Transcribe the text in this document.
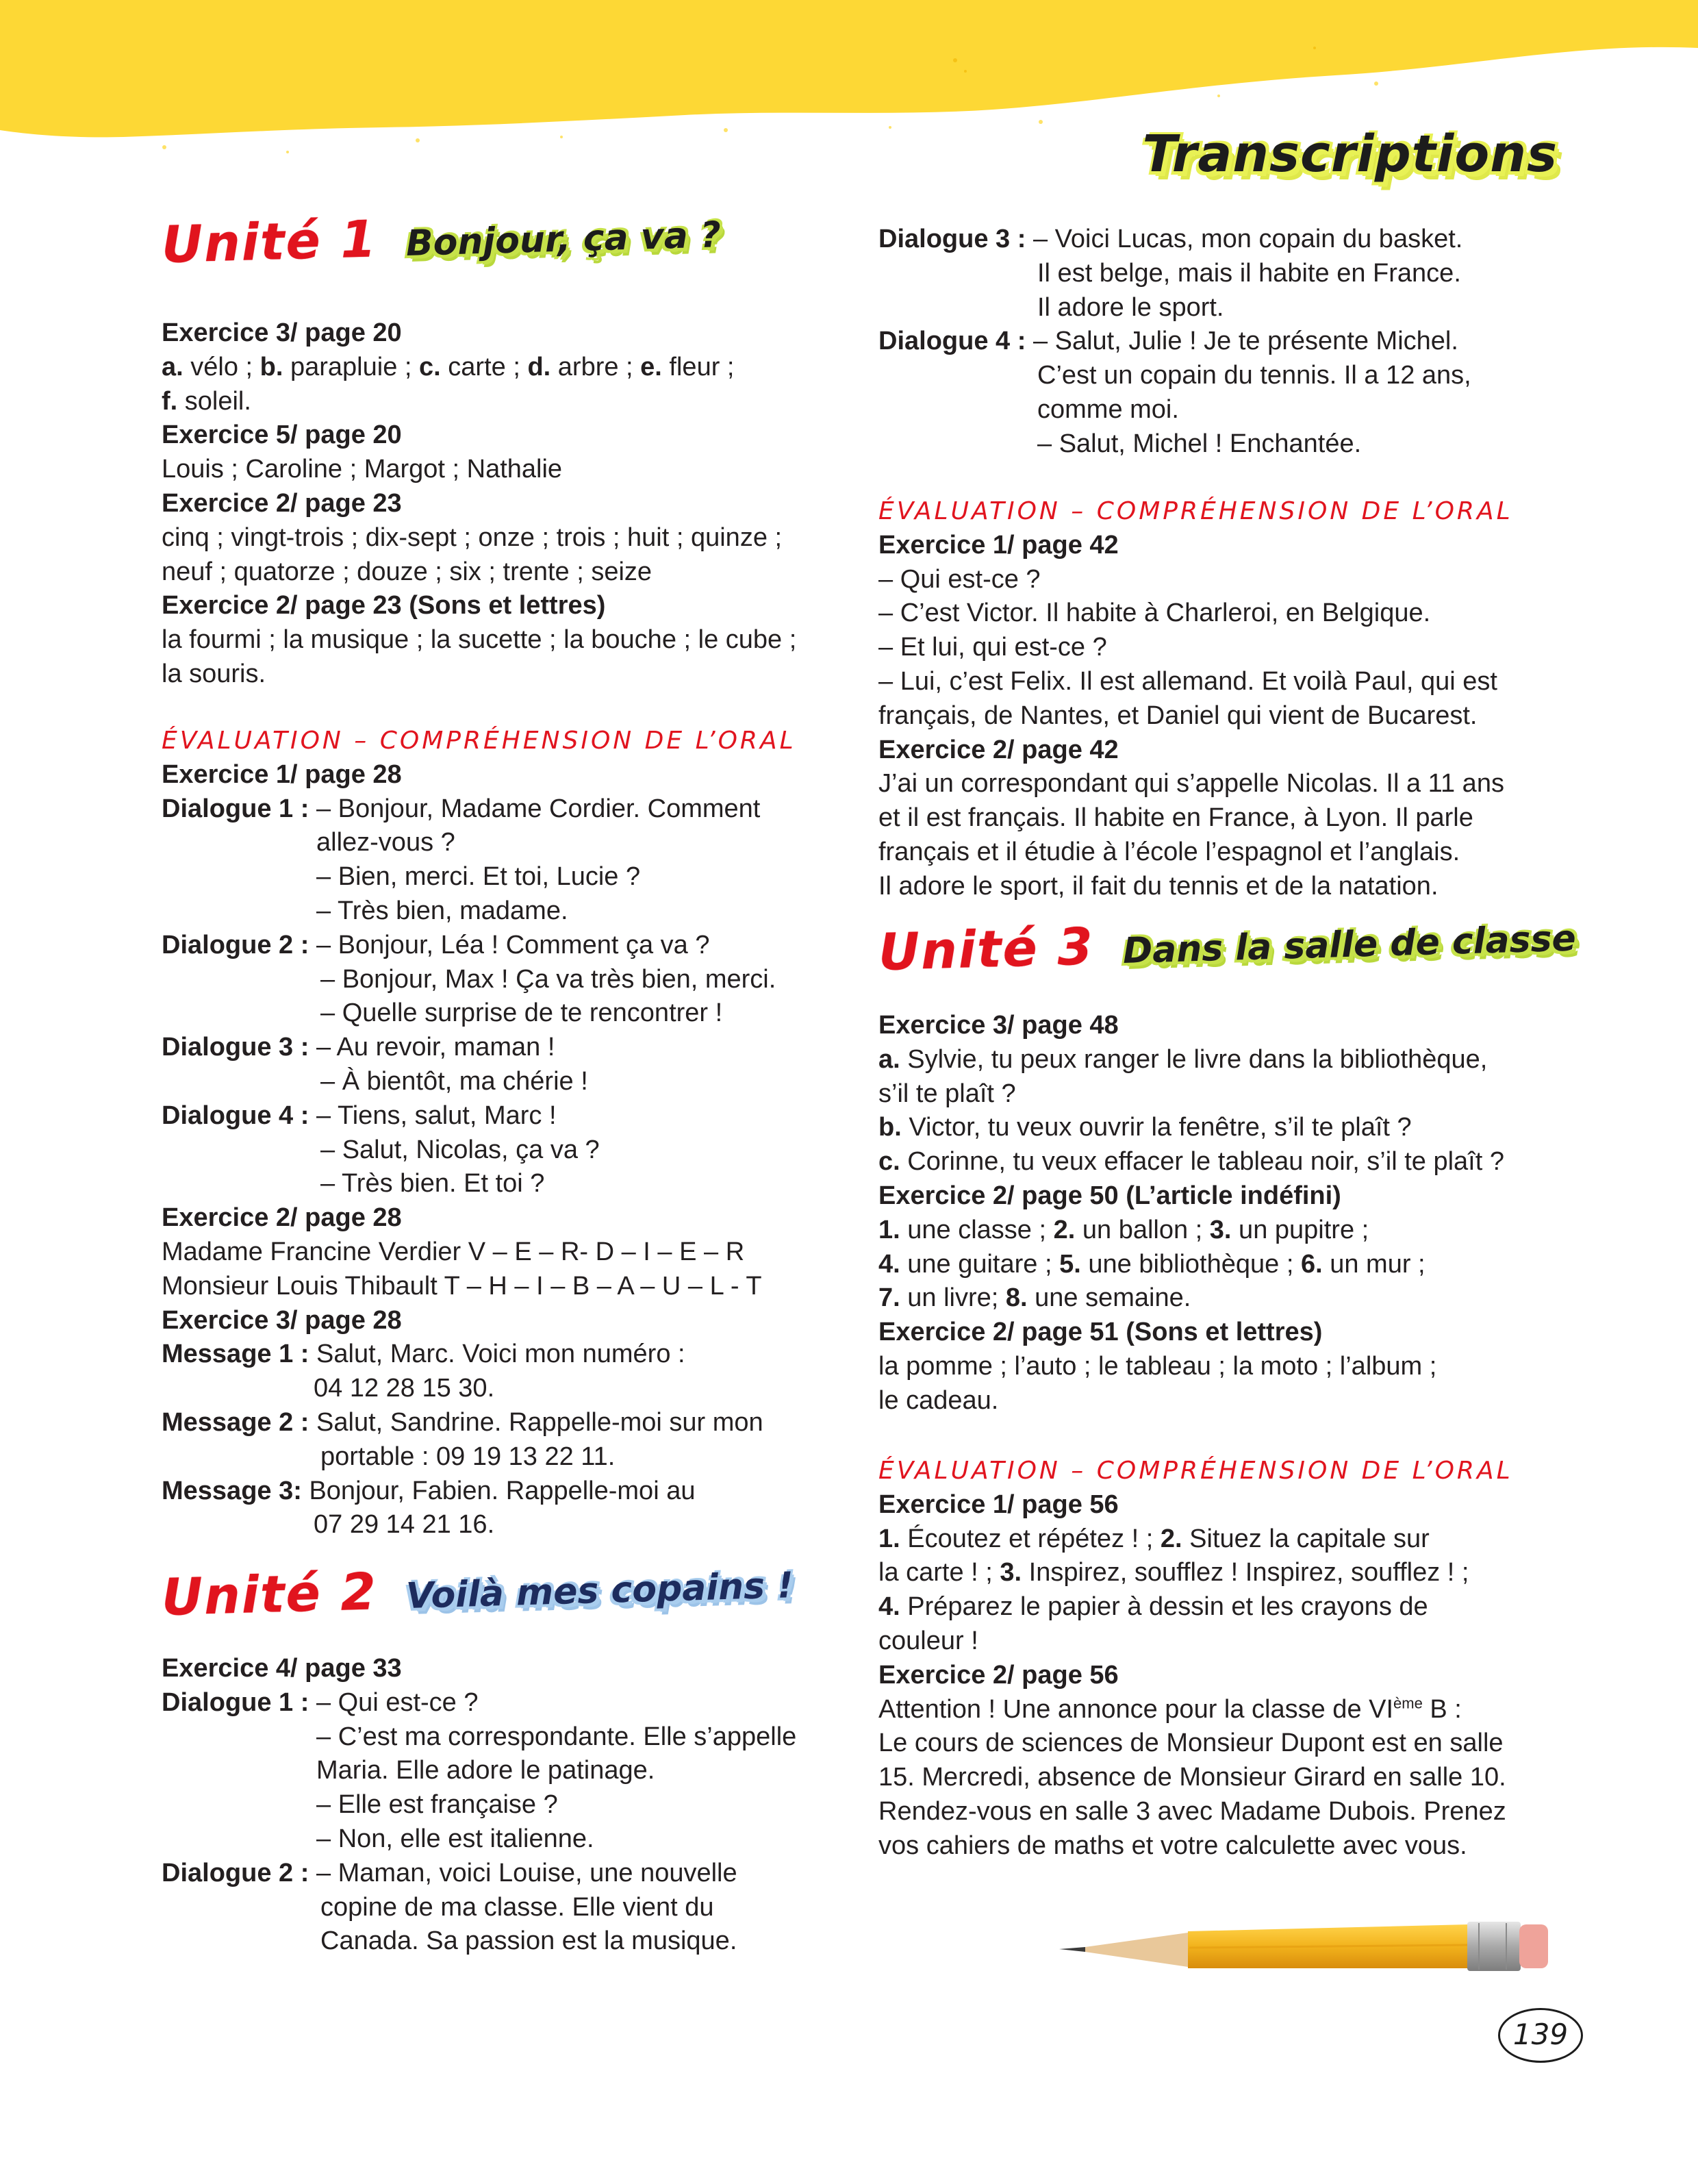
Transcriptions
Unité 1 Bonjour, ça va ?
Exercice 3/ page 20
a. vélo ; b. parapluie ; c. carte ; d. arbre ; e. fleur ;
f. soleil.
Exercice 5/ page 20
Louis ; Caroline ; Margot ; Nathalie
Exercice 2/ page 23
cinq ; vingt-trois ; dix-sept ; onze ; trois ; huit ; quinze ;
neuf ; quatorze ; douze ; six ; trente ; seize
Exercice 2/ page 23 (Sons et lettres)
la fourmi ; la musique ; la sucette ; la bouche ; le cube ;
la souris.
ÉVALUATION – COMPRÉHENSION DE L’ORAL
Exercice 1/ page 28
Dialogue 1 : – Bonjour, Madame Cordier. Comment
allez-vous ?
– Bien, merci. Et toi, Lucie ?
– Très bien, madame.
Dialogue 2 : – Bonjour, Léa ! Comment ça va ?
– Bonjour, Max ! Ça va très bien, merci.
– Quelle surprise de te rencontrer !
Dialogue 3 : – Au revoir, maman !
– À bientôt, ma chérie !
Dialogue 4 : – Tiens, salut, Marc !
– Salut, Nicolas, ça va ?
– Très bien. Et toi ?
Exercice 2/ page 28
Madame Francine Verdier V – E – R- D – I – E – R
Monsieur Louis Thibault T – H – I – B – A – U – L - T
Exercice 3/ page 28
Message 1 : Salut, Marc. Voici mon numéro :
04 12 28 15 30.
Message 2 : Salut, Sandrine. Rappelle-moi sur mon
portable : 09 19 13 22 11.
Message 3: Bonjour, Fabien. Rappelle-moi au
07 29 14 21 16.
Unité 2 Voilà mes copains !
Exercice 4/ page 33
Dialogue 1 : – Qui est-ce ?
– C’est ma correspondante. Elle s’appelle
Maria. Elle adore le patinage.
– Elle est française ?
– Non, elle est italienne.
Dialogue 2 : – Maman, voici Louise, une nouvelle
copine de ma classe. Elle vient du
Canada. Sa passion est la musique.
Dialogue 3 : – Voici Lucas, mon copain du basket.
Il est belge, mais il habite en France.
Il adore le sport.
Dialogue 4 : – Salut, Julie ! Je te présente Michel.
C’est un copain du tennis. Il a 12 ans,
comme moi.
– Salut, Michel ! Enchantée.
ÉVALUATION – COMPRÉHENSION DE L’ORAL
Exercice 1/ page 42
– Qui est-ce ?
– C’est Victor. Il habite à Charleroi, en Belgique.
– Et lui, qui est-ce ?
– Lui, c’est Felix. Il est allemand. Et voilà Paul, qui est
français, de Nantes, et Daniel qui vient de Bucarest.
Exercice 2/ page 42
J’ai un correspondant qui s’appelle Nicolas. Il a 11 ans
et il est français. Il habite en France, à Lyon. Il parle
français et il étudie à l’école l’espagnol et l’anglais.
Il adore le sport, il fait du tennis et de la natation.
Unité 3 Dans la salle de classe
Exercice 3/ page 48
a. Sylvie, tu peux ranger le livre dans la bibliothèque,
s’il te plaît ?
b. Victor, tu veux ouvrir la fenêtre, s’il te plaît ?
c. Corinne, tu veux effacer le tableau noir, s’il te plaît ?
Exercice 2/ page 50 (L’article indéfini)
1. une classe ; 2. un ballon ; 3. un pupitre ;
4. une guitare ; 5. une bibliothèque ; 6. un mur ;
7. un livre; 8. une semaine.
Exercice 2/ page 51 (Sons et lettres)
la pomme ; l’auto ; le tableau ; la moto ; l’album ;
le cadeau.
ÉVALUATION – COMPRÉHENSION DE L’ORAL
Exercice 1/ page 56
1. Écoutez et répétez ! ; 2. Situez la capitale sur
la carte ! ; 3. Inspirez, soufflez ! Inspirez, soufflez ! ;
4. Préparez le papier à dessin et les crayons de
couleur !
Exercice 2/ page 56
Attention ! Une annonce pour la classe de VIème B :
Le cours de sciences de Monsieur Dupont est en salle
15. Mercredi, absence de Monsieur Girard en salle 10.
Rendez-vous en salle 3 avec Madame Dubois. Prenez
vos cahiers de maths et votre calculette avec vous.
139
